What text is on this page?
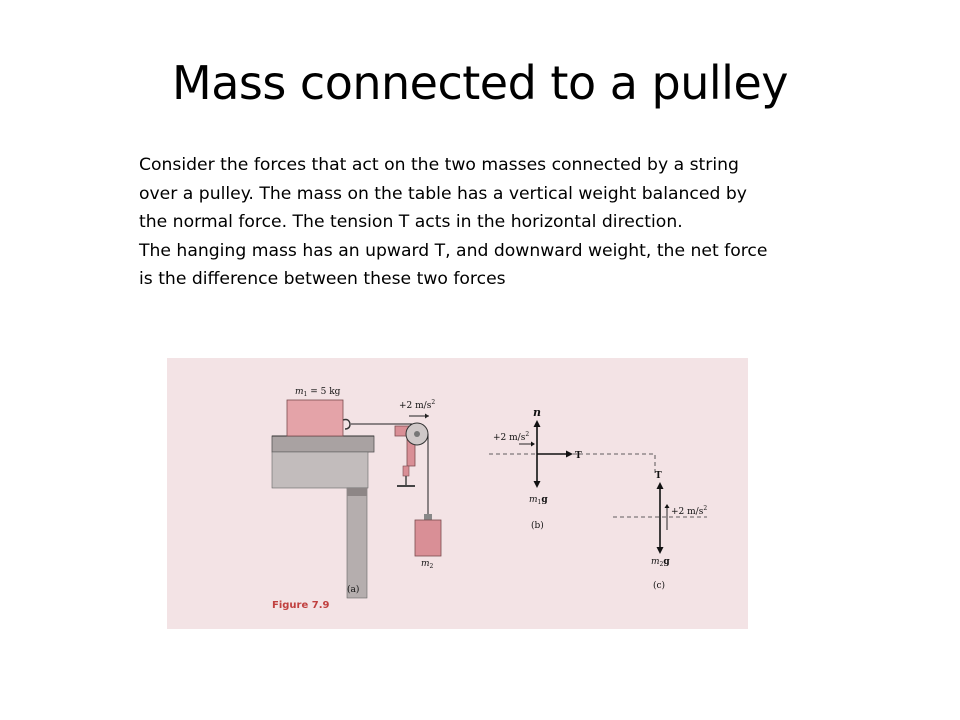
Mass connected to a pulley
Consider the forces that act on the two masses connected by a string
over a pulley. The mass on the table has a vertical weight balanced by
the normal force. The tension T acts in the horizontal direction.
The hanging mass has an upward T, and downward weight, the net force
is the difference between these two forces
$m_1 = 5$ kg
+2 $m/s^2$
$m_2$
(a)
n
+2 $m/s^2$
T
$m_1g$
(b)
T
+2 $m/s^2$
$m_2g$
(c)
Figure 7.9
